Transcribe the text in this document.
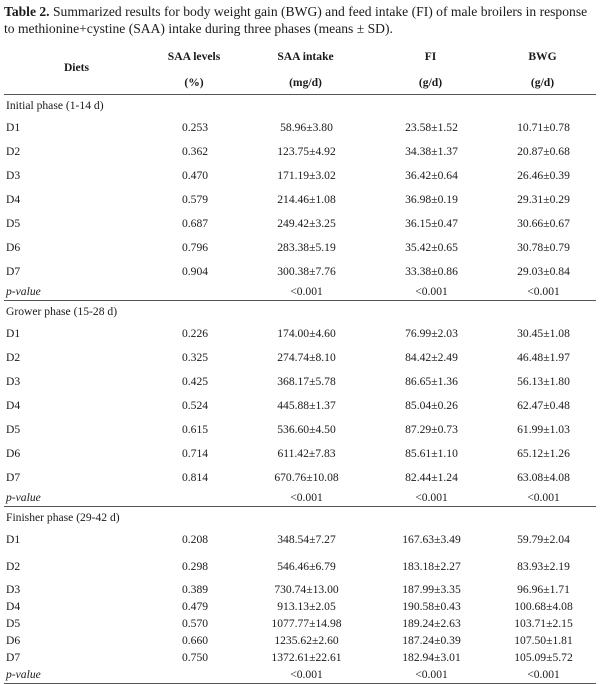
Table 2. Summarized results for body weight gain (BWG) and feed intake (FI) of male broilers in response to methionine+cystine (SAA) intake during three phases (means ± SD).
Diets	SAA levels	SAA intake	FI	BWG
	(%)	(mg/d)	(g/d)	(g/d)
Initial phase (1-14 d)				
D1	0.253	58.96±3.80	23.58±1.52	10.71±0.78
D2	0.362	123.75±4.92	34.38±1.37	20.87±0.68
D3	0.470	171.19±3.02	36.42±0.64	26.46±0.39
D4	0.579	214.46±1.08	36.98±0.19	29.31±0.29
D5	0.687	249.42±3.25	36.15±0.47	30.66±0.67
D6	0.796	283.38±5.19	35.42±0.65	30.78±0.79
D7	0.904	300.38±7.76	33.38±0.86	29.03±0.84
p-value		<0.001	<0.001	<0.001
Grower phase (15-28 d)				
D1	0.226	174.00±4.60	76.99±2.03	30.45±1.08
D2	0.325	274.74±8.10	84.42±2.49	46.48±1.97
D3	0.425	368.17±5.78	86.65±1.36	56.13±1.80
D4	0.524	445.88±1.37	85.04±0.26	62.47±0.48
D5	0.615	536.60±4.50	87.29±0.73	61.99±1.03
D6	0.714	611.42±7.83	85.61±1.10	65.12±1.26
D7	0.814	670.76±10.08	82.44±1.24	63.08±4.08
p-value		<0.001	<0.001	<0.001
Finisher phase (29-42 d)				
D1	0.208	348.54±7.27	167.63±3.49	59.79±2.04
D2	0.298	546.46±6.79	183.18±2.27	83.93±2.19
D3	0.389	730.74±13.00	187.99±3.35	96.96±1.71
D4	0.479	913.13±2.05	190.58±0.43	100.68±4.08
D5	0.570	1077.77±14.98	189.24±2.63	103.71±2.15
D6	0.660	1235.62±2.60	187.24±0.39	107.50±1.81
D7	0.750	1372.61±22.61	182.94±3.01	105.09±5.72
p-value		<0.001	<0.001	<0.001
